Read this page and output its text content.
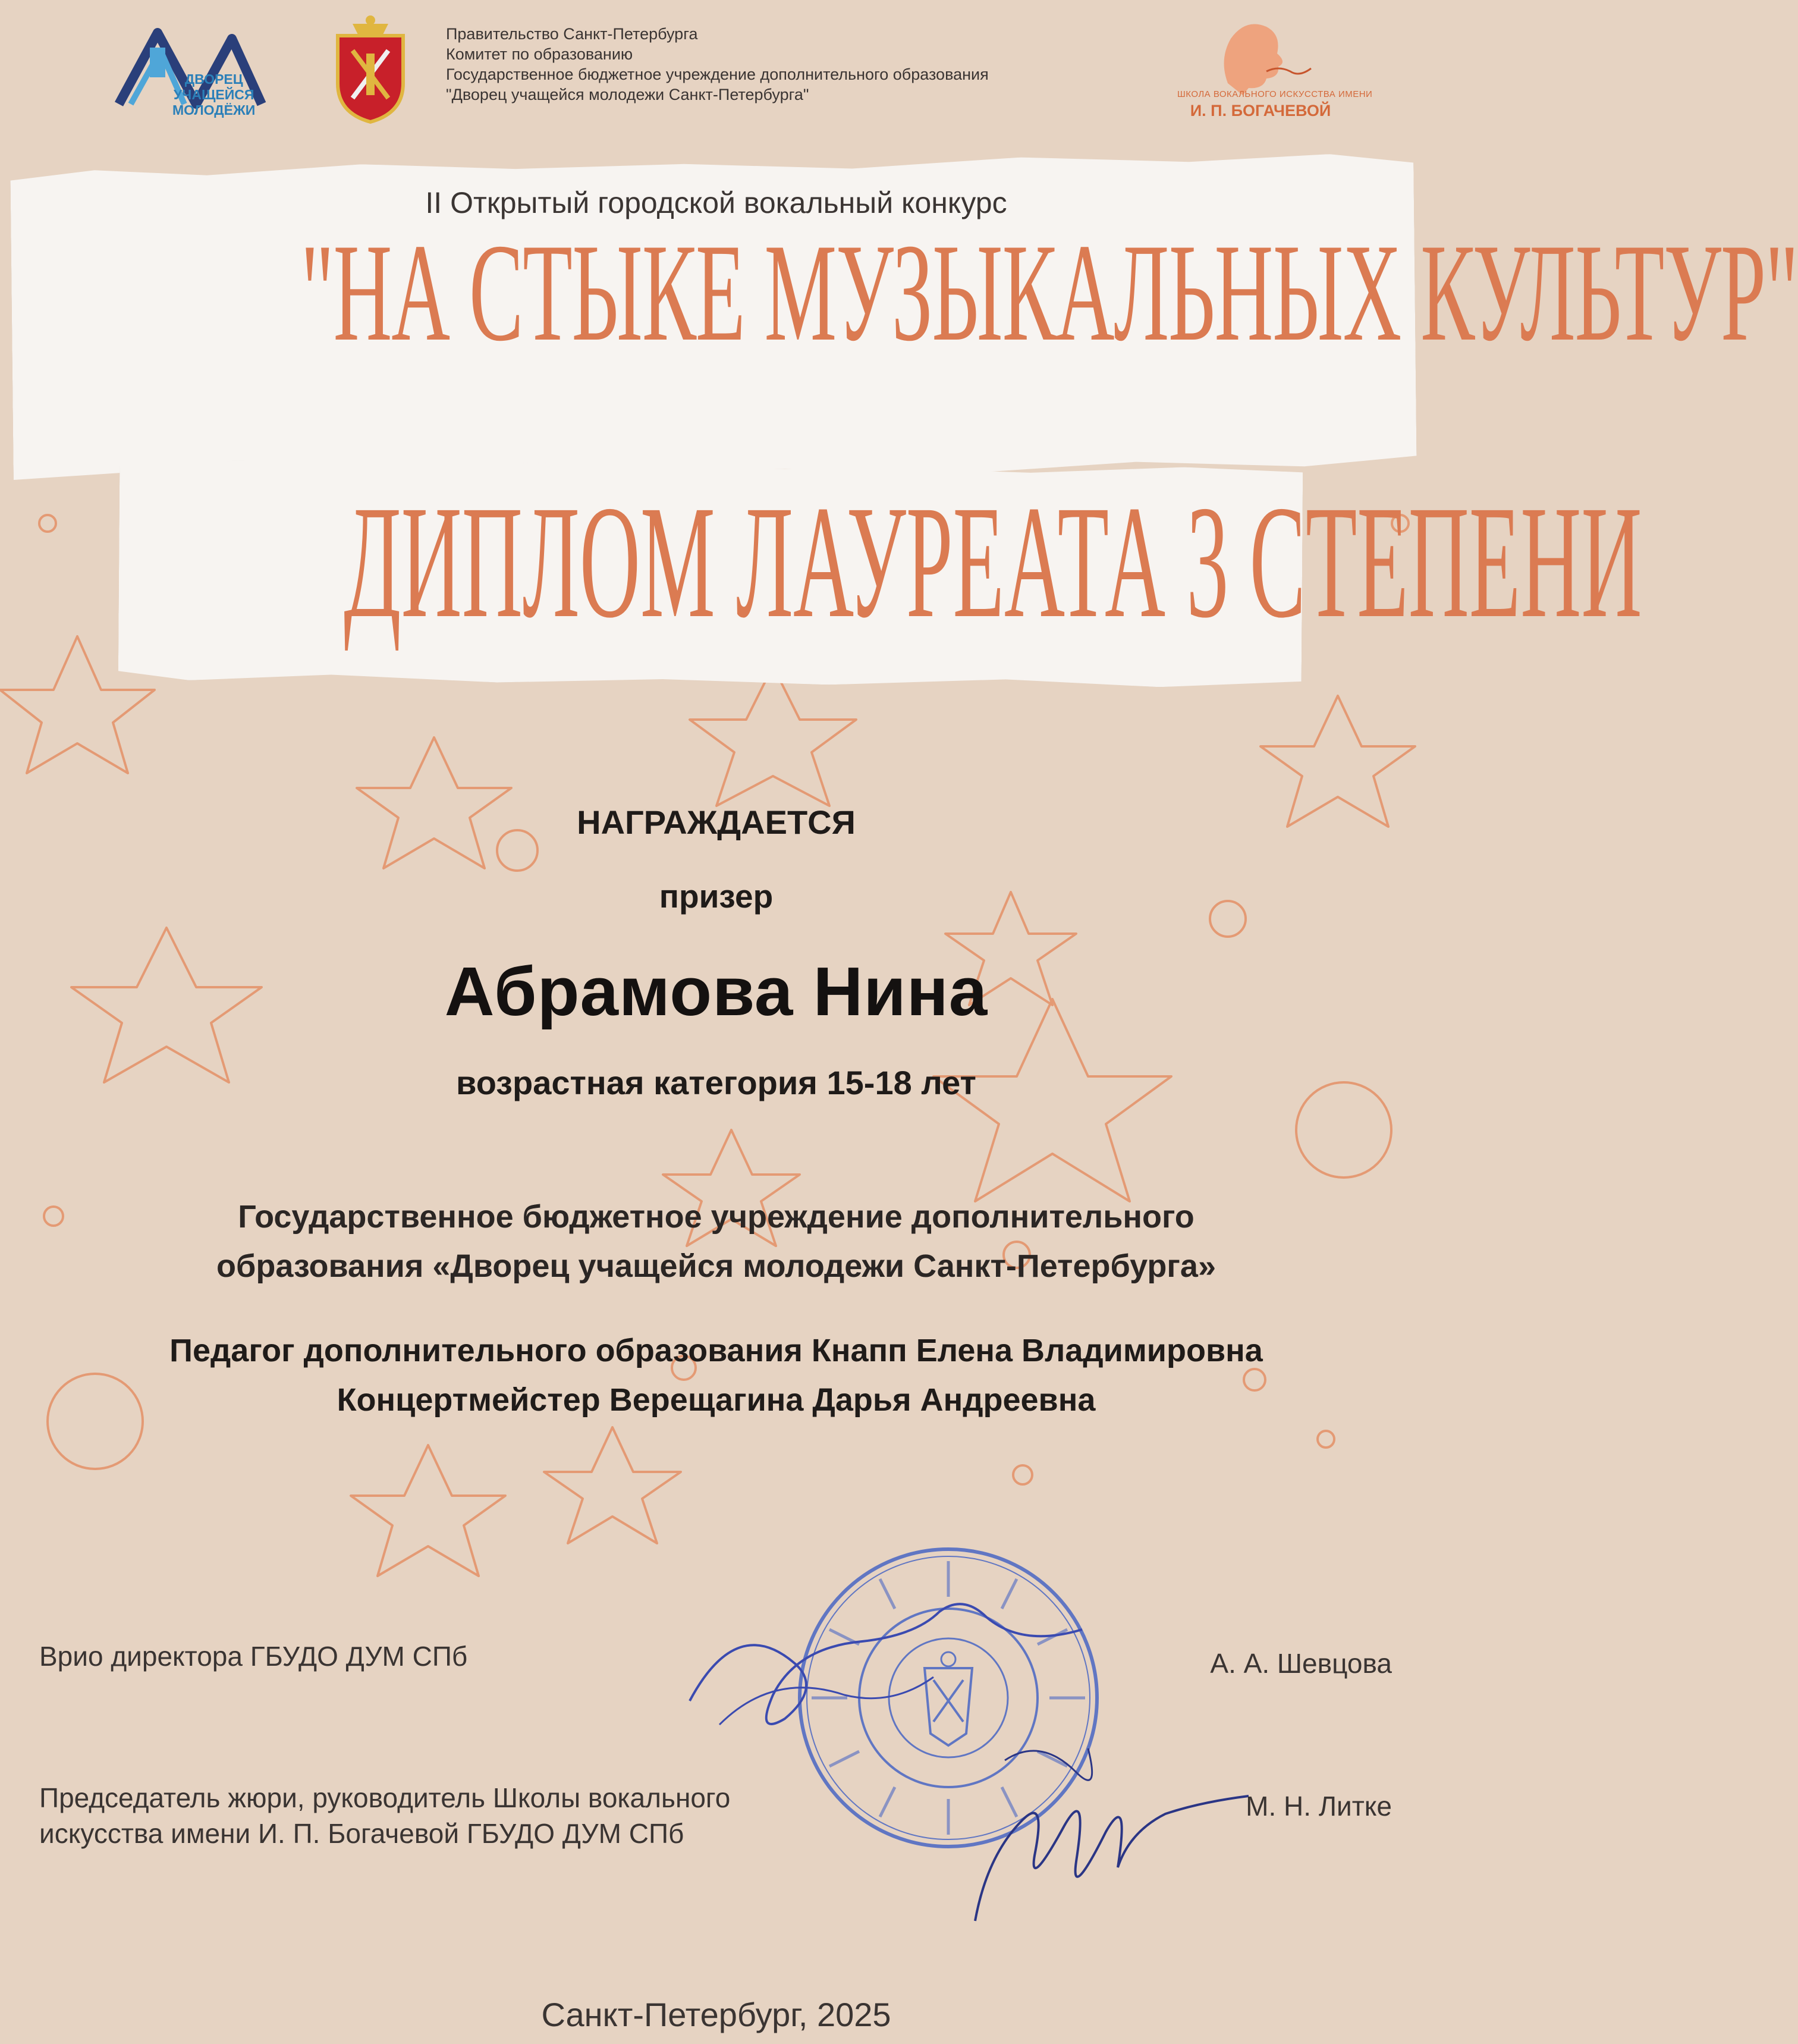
ДВОРЕЦ
УЧАЩЕЙСЯ
МОЛОДЁЖИ
Правительство Санкт-Петербурга
Комитет по образованию
Государственное бюджетное учреждение дополнительного образования
"Дворец учащейся молодежи Санкт-Петербурга"	ШКОЛА ВОКАЛЬНОГО ИСКУССТВА ИМЕНИ
И. П. БОГАЧЕВОЙ
II Открытый городской вокальный конкурс
"НА СТЫКЕ МУЗЫКАЛЬНЫХ КУЛЬТУР"
ДИПЛОМ ЛАУРЕАТА 3 СТЕПЕНИ
НАГРАЖДАЕТСЯ
призер
Абрамова Нина
возрастная категория 15-18 лет
Государственное бюджетное учреждение дополнительного
образования «Дворец учащейся молодежи Санкт-Петербурга»
Педагог дополнительного образования Кнапп Елена Владимировна
Концертмейстер Верещагина Дарья Андреевна
Врио директора ГБУДО ДУМ СПб	А. А. Шевцова
Председатель жюри, руководитель Школы вокального
искусства имени И. П. Богачевой ГБУДО ДУМ СПб
М. Н. Литке
Санкт-Петербург, 2025
